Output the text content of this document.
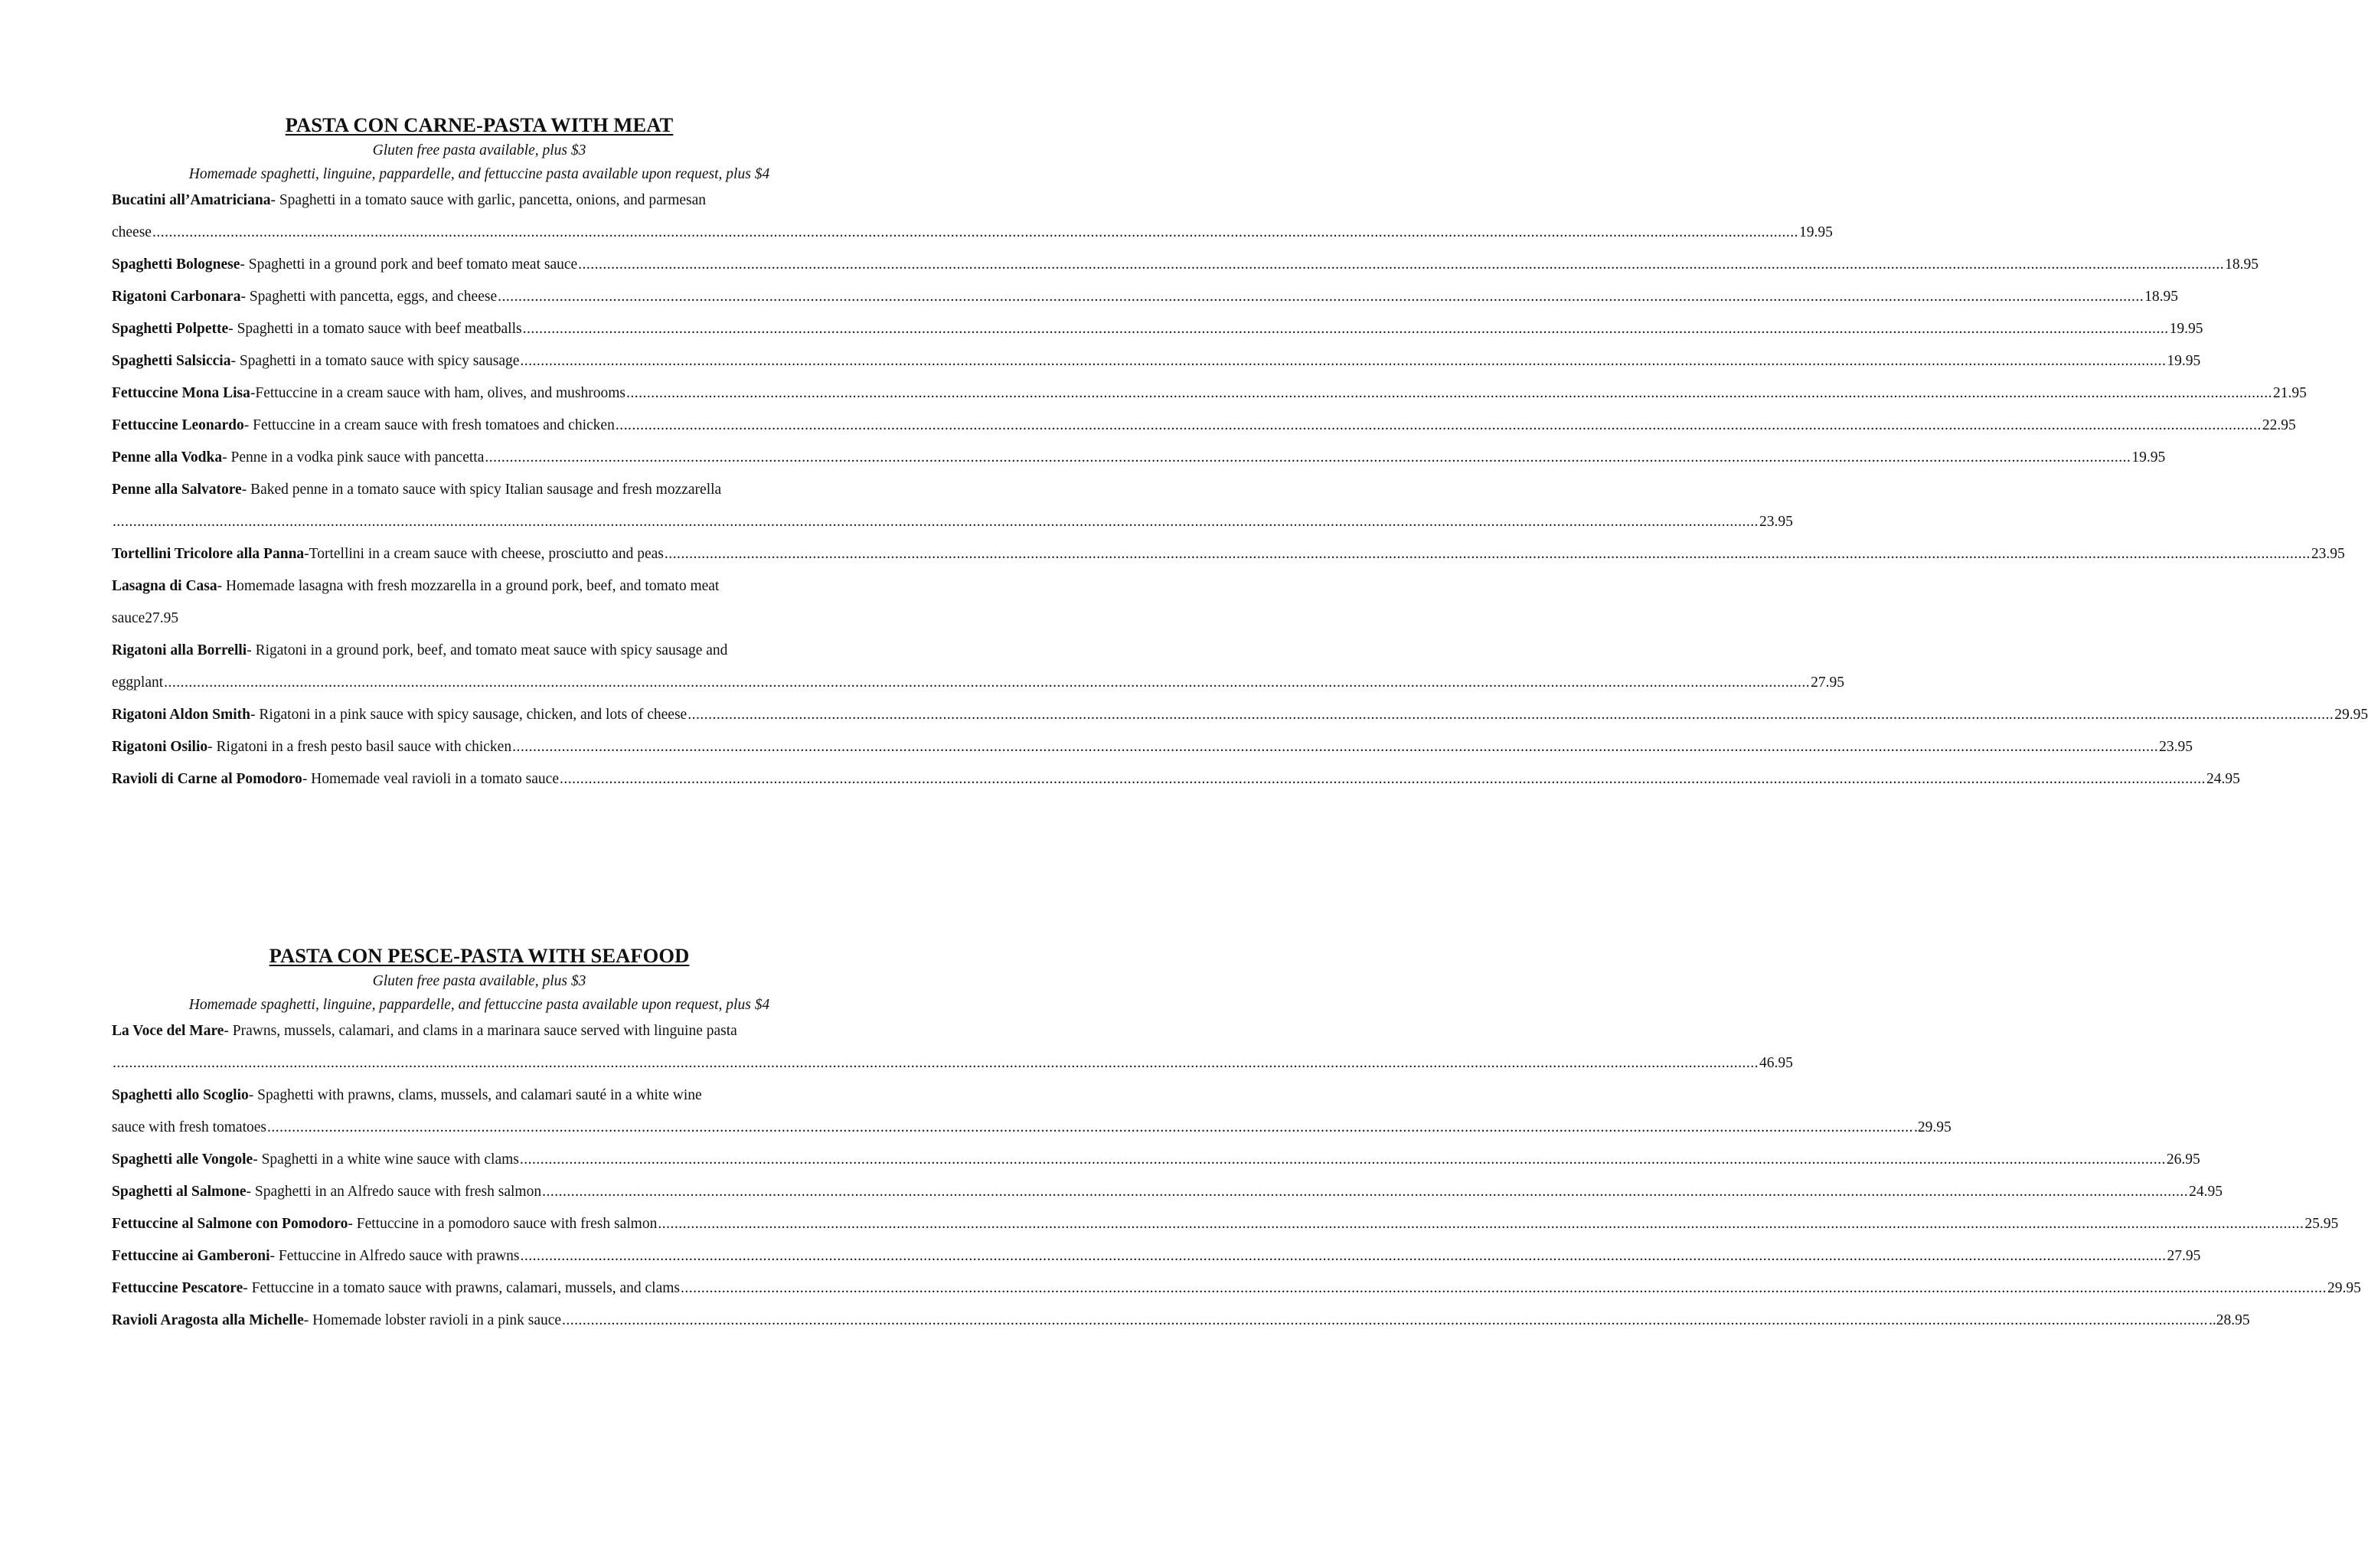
PASTA CON CARNE-PASTA WITH MEAT

Gluten free pasta available, plus $3

Homemade spaghetti, linguine, pappardelle, and fettuccine pasta available upon request, plus $4

Bucatini all’Amatriciana- Spaghetti in a tomato sauce with garlic, pancetta, onions, and parmesan
cheese ................................................................................................................................................................................................................................................................................................................................................................................................................ 19.95
Spaghetti Bolognese- Spaghetti in a ground pork and beef tomato meat sauce ................................................................................................................................................................................................................................................................................................................................................................................................................ 18.95
Rigatoni Carbonara- Spaghetti with pancetta, eggs, and cheese ................................................................................................................................................................................................................................................................................................................................................................................................................ 18.95
Spaghetti Polpette- Spaghetti in a tomato sauce with beef meatballs ................................................................................................................................................................................................................................................................................................................................................................................................................ 19.95
Spaghetti Salsiccia- Spaghetti in a tomato sauce with spicy sausage ................................................................................................................................................................................................................................................................................................................................................................................................................ 19.95
Fettuccine Mona Lisa-Fettuccine in a cream sauce with ham, olives, and mushrooms ................................................................................................................................................................................................................................................................................................................................................................................................................ 21.95
Fettuccine Leonardo- Fettuccine in a cream sauce with fresh tomatoes and chicken ................................................................................................................................................................................................................................................................................................................................................................................................................ 22.95
Penne alla Vodka- Penne in a vodka pink sauce with pancetta ................................................................................................................................................................................................................................................................................................................................................................................................................ 19.95
Penne alla Salvatore- Baked penne in a tomato sauce with spicy Italian sausage and fresh mozzarella
................................................................................................................................................................................................................................................................................................................................................................................................................ 23.95
Tortellini Tricolore alla Panna-Tortellini in a cream sauce with cheese, prosciutto and peas ................................................................................................................................................................................................................................................................................................................................................................................................................ 23.95
Lasagna di Casa- Homemade lasagna with fresh mozzarella in a ground pork, beef, and tomato meat
sauce27.95
Rigatoni alla Borrelli- Rigatoni in a ground pork, beef, and tomato meat sauce with spicy sausage and
eggplant ................................................................................................................................................................................................................................................................................................................................................................................................................ 27.95
Rigatoni Aldon Smith- Rigatoni in a pink sauce with spicy sausage, chicken, and lots of cheese ................................................................................................................................................................................................................................................................................................................................................................................................................ 29.95
Rigatoni Osilio- Rigatoni in a fresh pesto basil sauce with chicken ................................................................................................................................................................................................................................................................................................................................................................................................................ 23.95
Ravioli di Carne al Pomodoro- Homemade veal ravioli in a tomato sauce ................................................................................................................................................................................................................................................................................................................................................................................................................ 24.95
PASTA CON PESCE-PASTA WITH SEAFOOD

Gluten free pasta available, plus $3

Homemade spaghetti, linguine, pappardelle, and fettuccine pasta available upon request, plus $4

La Voce del Mare- Prawns, mussels, calamari, and clams in a marinara sauce served with linguine pasta
................................................................................................................................................................................................................................................................................................................................................................................................................ 46.95
Spaghetti allo Scoglio- Spaghetti with prawns, clams, mussels, and calamari sauté in a white wine
sauce with fresh tomatoes ................................................................................................................................................................................................................................................................................................................................................................................................................ .29.95
Spaghetti alle Vongole- Spaghetti in a white wine sauce with clams ................................................................................................................................................................................................................................................................................................................................................................................................................ 26.95
Spaghetti al Salmone- Spaghetti in an Alfredo sauce with fresh salmon ................................................................................................................................................................................................................................................................................................................................................................................................................ 24.95
Fettuccine al Salmone con Pomodoro- Fettuccine in a pomodoro sauce with fresh salmon ................................................................................................................................................................................................................................................................................................................................................................................................................ 25.95
Fettuccine ai Gamberoni- Fettuccine in Alfredo sauce with prawns ................................................................................................................................................................................................................................................................................................................................................................................................................ 27.95
Fettuccine Pescatore- Fettuccine in a tomato sauce with prawns, calamari, mussels, and clams ................................................................................................................................................................................................................................................................................................................................................................................................................ 29.95
Ravioli Aragosta alla Michelle- Homemade lobster ravioli in a pink sauce ................................................................................................................................................................................................................................................................................................................................................................................................................ ..28.95
